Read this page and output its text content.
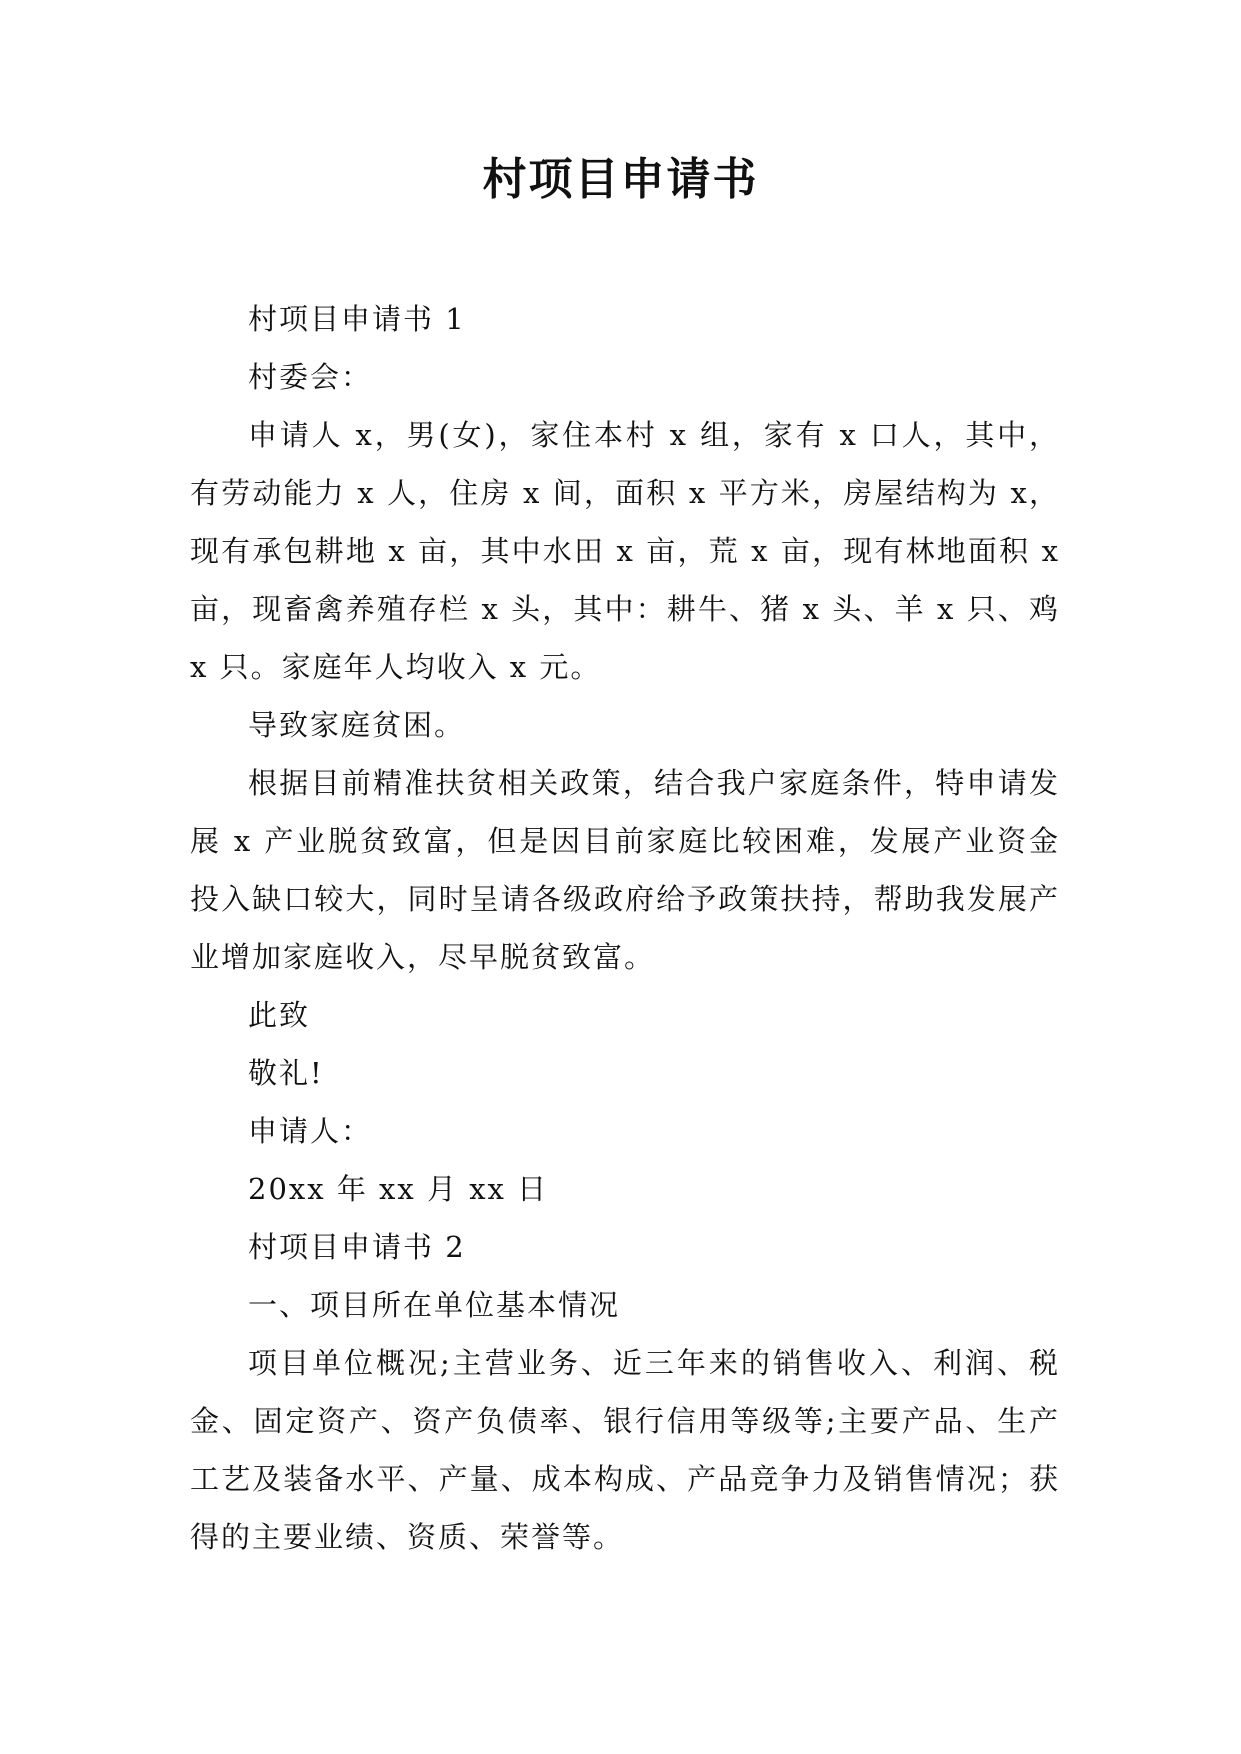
村项目申请书

村项目申请书 1

村委会：

申请人 x，男(女)，家住本村 x 组，家有 x 口人，其中，有劳动能力 x 人，住房 x 间，面积 x 平方米，房屋结构为 x，现有承包耕地 x 亩，其中水田 x 亩，荒 x 亩，现有林地面积 x 亩，现畜禽养殖存栏 x 头，其中：耕牛、猪 x 头、羊 x 只、鸡 x 只。家庭年人均收入 x 元。

导致家庭贫困。

根据目前精准扶贫相关政策，结合我户家庭条件，特申请发展 x 产业脱贫致富，但是因目前家庭比较困难，发展产业资金投入缺口较大，同时呈请各级政府给予政策扶持，帮助我发展产业增加家庭收入，尽早脱贫致富。

此致

敬礼!

申请人：

20xx 年 xx 月 xx 日

村项目申请书 2

一、项目所在单位基本情况

项目单位概况;主营业务、近三年来的销售收入、利润、税金、固定资产、资产负债率、银行信用等级等;主要产品、生产工艺及装备水平、产量、成本构成、产品竞争力及销售情况；获得的主要业绩、资质、荣誉等。
